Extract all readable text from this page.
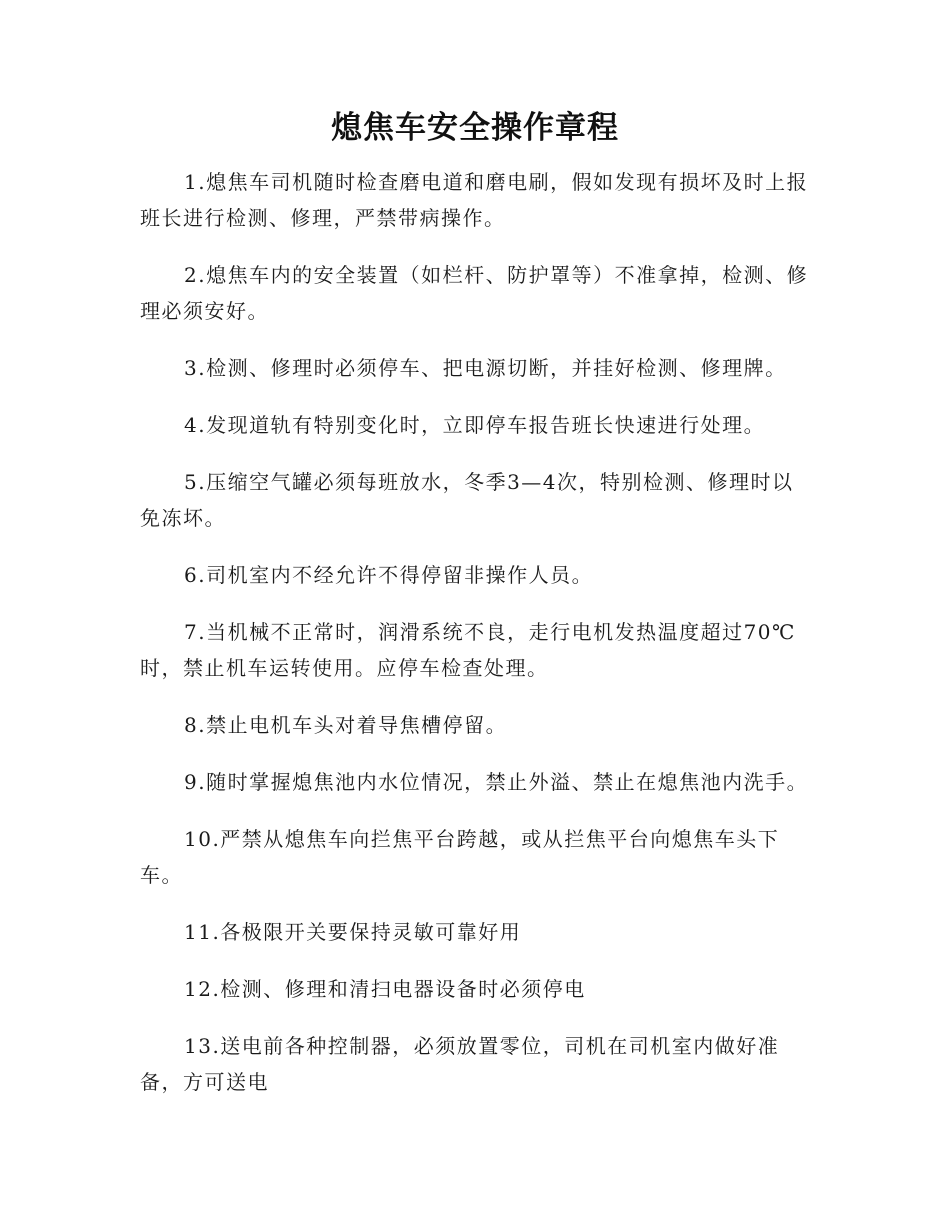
熄焦车安全操作章程

1.熄焦车司机随时检查磨电道和磨电刷，假如发现有损坏及时上报班长进行检测、修理，严禁带病操作。

2.熄焦车内的安全装置（如栏杆、防护罩等）不准拿掉，检测、修理必须安好。

3.检测、修理时必须停车、把电源切断，并挂好检测、修理牌。

4.发现道轨有特别变化时，立即停车报告班长快速进行处理。

5.压缩空气罐必须每班放水，冬季3—4次，特别检测、修理时以免冻坏。

6.司机室内不经允许不得停留非操作人员。

7.当机械不正常时，润滑系统不良，走行电机发热温度超过70℃时，禁止机车运转使用。应停车检查处理。

8.禁止电机车头对着导焦槽停留。

9.随时掌握熄焦池内水位情况，禁止外溢、禁止在熄焦池内洗手。

10.严禁从熄焦车向拦焦平台跨越，或从拦焦平台向熄焦车头下车。

11.各极限开关要保持灵敏可靠好用

12.检测、修理和清扫电器设备时必须停电

13.送电前各种控制器，必须放置零位，司机在司机室内做好准备，方可送电
